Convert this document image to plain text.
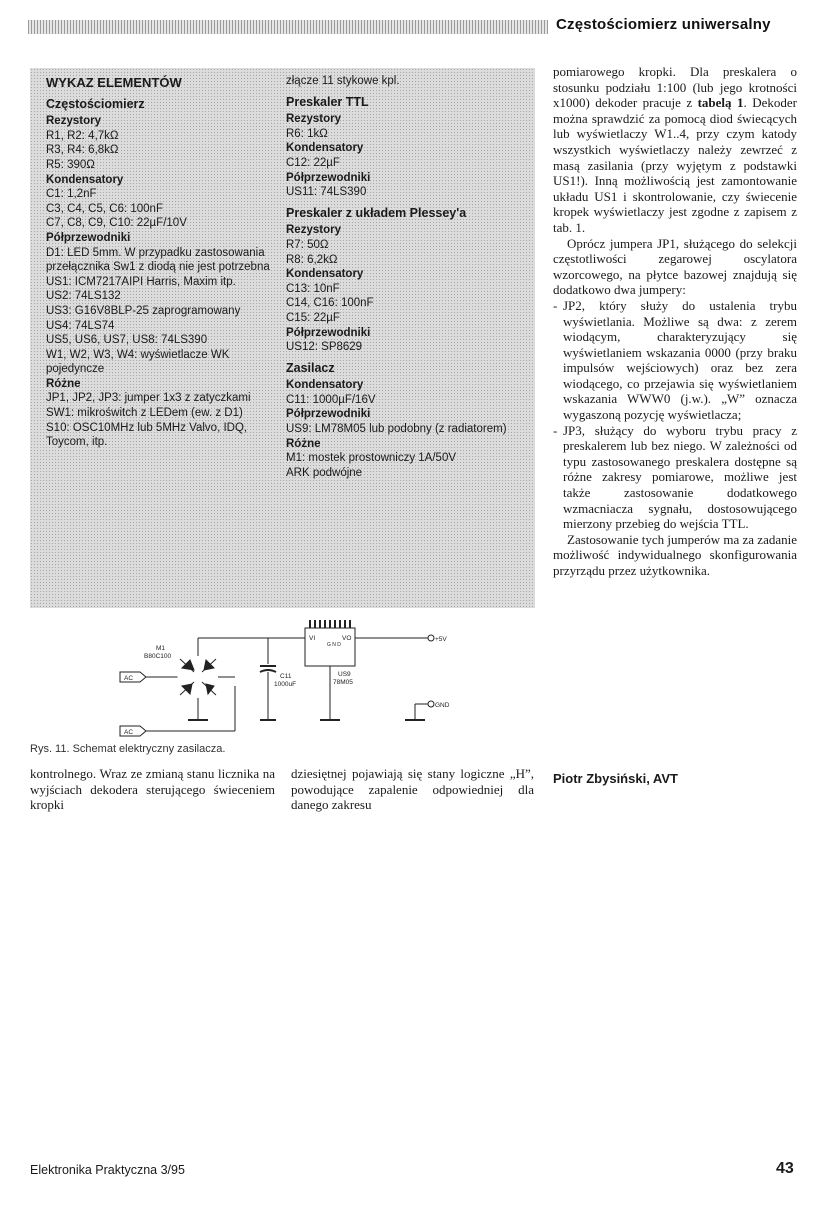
Częstościomierz uniwersalny
WYKAZ ELEMENTÓW
Częstościomierz
Rezystory
R1, R2: 4,7kΩ
R3, R4: 6,8kΩ
R5: 390Ω
Kondensatory
C1: 1,2nF
C3, C4, C5, C6: 100nF
C7, C8, C9, C10: 22µF/10V
Półprzewodniki
D1: LED 5mm. W przypadku zastosowania przełącznika Sw1 z diodą nie jest potrzebna
US1: ICM7217AIPI Harris, Maxim itp.
US2: 74LS132
US3: G16V8BLP-25 zaprogramowany
US4: 74LS74
US5, US6, US7, US8: 74LS390
W1, W2, W3, W4: wyświetlacze WK pojedyncze
Różne
JP1, JP2, JP3: jumper 1x3 z zatyczkami
SW1: mikroświtch z LEDem (ew. z D1)
S10: OSC10MHz lub 5MHz Valvo, IDQ, Toycom, itp.
złącze 11 stykowe kpl.
Preskaler TTL
Rezystory
R6: 1kΩ
Kondensatory
C12: 22µF
Półprzewodniki
US11: 74LS390
Preskaler z układem Plessey'a
Rezystory
R7: 50Ω
R8: 6,2kΩ
Kondensatory
C13: 10nF
C14, C16: 100nF
C15: 22µF
Półprzewodniki
US12: SP8629
Zasilacz
Kondensatory
C11: 1000µF/16V
Półprzewodniki
US9: LM78M05 lub podobny (z radiatorem)
Różne
M1: mostek prostowniczy 1A/50V
ARK podwójne
M1
B80C100
AC
AC
C11
1000uF
US9
78M05
VI	VO
G N D
+5V
GND
Rys. 11. Schemat elektryczny zasilacza.
kontrolnego. Wraz ze zmianą stanu licznika na wyjściach dekodera sterującego świeceniem kropki
dziesiętnej pojawiają się stany logiczne „H”, powodujące zapalenie odpowiedniej dla danego zakresu

pomiarowego kropki. Dla preskalera o stosunku podziału 1:100 (lub jego krotności x1000) dekoder pracuje z tabelą 1. Dekoder można sprawdzić za pomocą diod świecących lub wyświetlaczy W1..4, przy czym katody wszystkich wyświetlaczy należy zewrzeć z masą zasilania (przy wyjętym z podstawki US1!). Inną możliwością jest zamontowanie układu US1 i skontrolowanie, czy świecenie kropek wyświetlaczy jest zgodne z zapisem z tab. 1.

Oprócz jumpera JP1, służącego do selekcji częstotliwości zegarowej oscylatora wzorcowego, na płytce bazowej znajdują się dodatkowo dwa jumpery:

- JP2, który służy do ustalenia trybu wyświetlania. Możliwe są dwa: z zerem wiodącym, charakteryzujący się wyświetlaniem wskazania 0000 (przy braku impulsów wejściowych) oraz bez zera wiodącego, co przejawia się wyświetlaniem wskazania WWW0 (j.w.). „W” oznacza wygaszoną pozycję wyświetlacza;
- JP3, służący do wyboru trybu pracy z preskalerem lub bez niego. W zależności od typu zastosowanego preskalera dostępne są różne zakresy pomiarowe, możliwe jest także zastosowanie dodatkowego wzmacniacza sygnału, dostosowującego mierzony przebieg do wejścia TTL.

Zastosowanie tych jumperów ma za zadanie możliwość indywidualnego skonfigurowania przyrządu przez użytkownika.

Piotr Zbysiński, AVT
Elektronika Praktyczna 3/95	43
